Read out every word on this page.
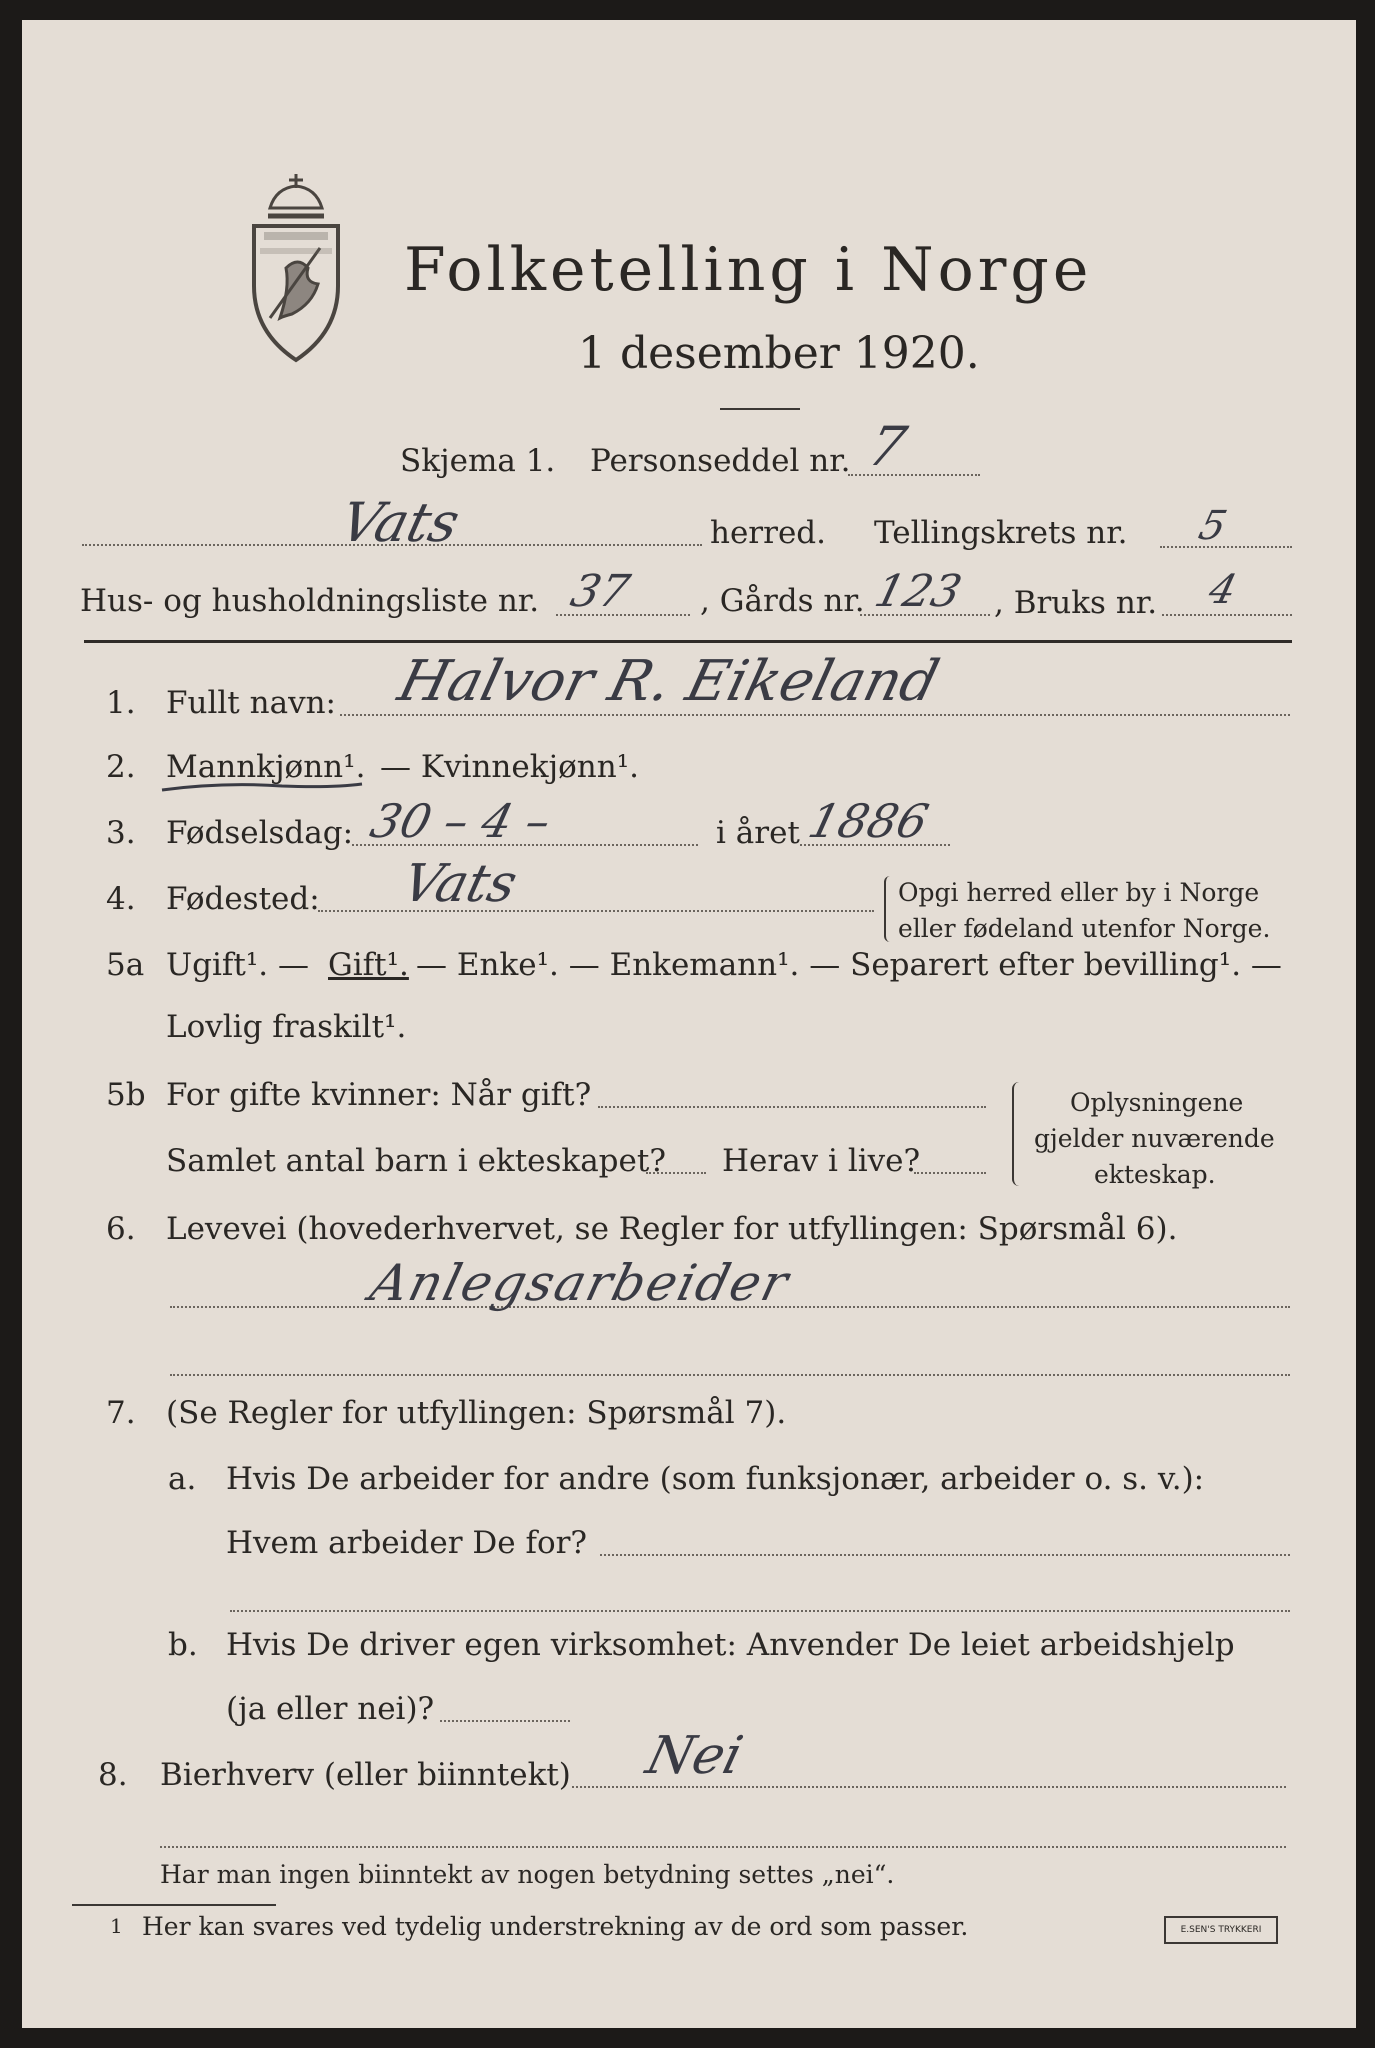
Folketelling i Norge
1 desember 1920.
Skjema 1. Personseddel nr. 7
Vats	herred. Tellingskrets nr. 5
Hus- og husholdningsliste nr. 37 , Gårds nr. 123 , Bruks nr. 4
1. Fullt navn: Halvor R. Eikeland
2. Mannkjønn¹. — Kvinnekjønn¹.
3. Fødselsdag: 30 – 4 –	i året 1886
4. Fødested: Vats	Opgi herred eller by i Norge
eller fødeland utenfor Norge.
5a Ugift¹. — Gift¹. — Enke¹. — Enkemann¹. — Separert efter bevilling¹. —
Lovlig fraskilt¹.
5b For gifte kvinner: Når gift?
Samlet antal barn i ekteskapet? Herav i live?
Oplysningene
gjelder nuværende
ekteskap.
6. Levevei (hovederhvervet, se Regler for utfyllingen: Spørsmål 6).
Anlegsarbeider
7. (Se Regler for utfyllingen: Spørsmål 7).
a. Hvis De arbeider for andre (som funksjonær, arbeider o. s. v.):
Hvem arbeider De for?
b. Hvis De driver egen virksomhet: Anvender De leiet arbeidshjelp
(ja eller nei)?
8. Bierhverv (eller biinntekt) Nei
Har man ingen biinntekt av nogen betydning settes „nei“.
1 Her kan svares ved tydelig understrekning av de ord som passer.	E.SEN'S TRYKKERI
